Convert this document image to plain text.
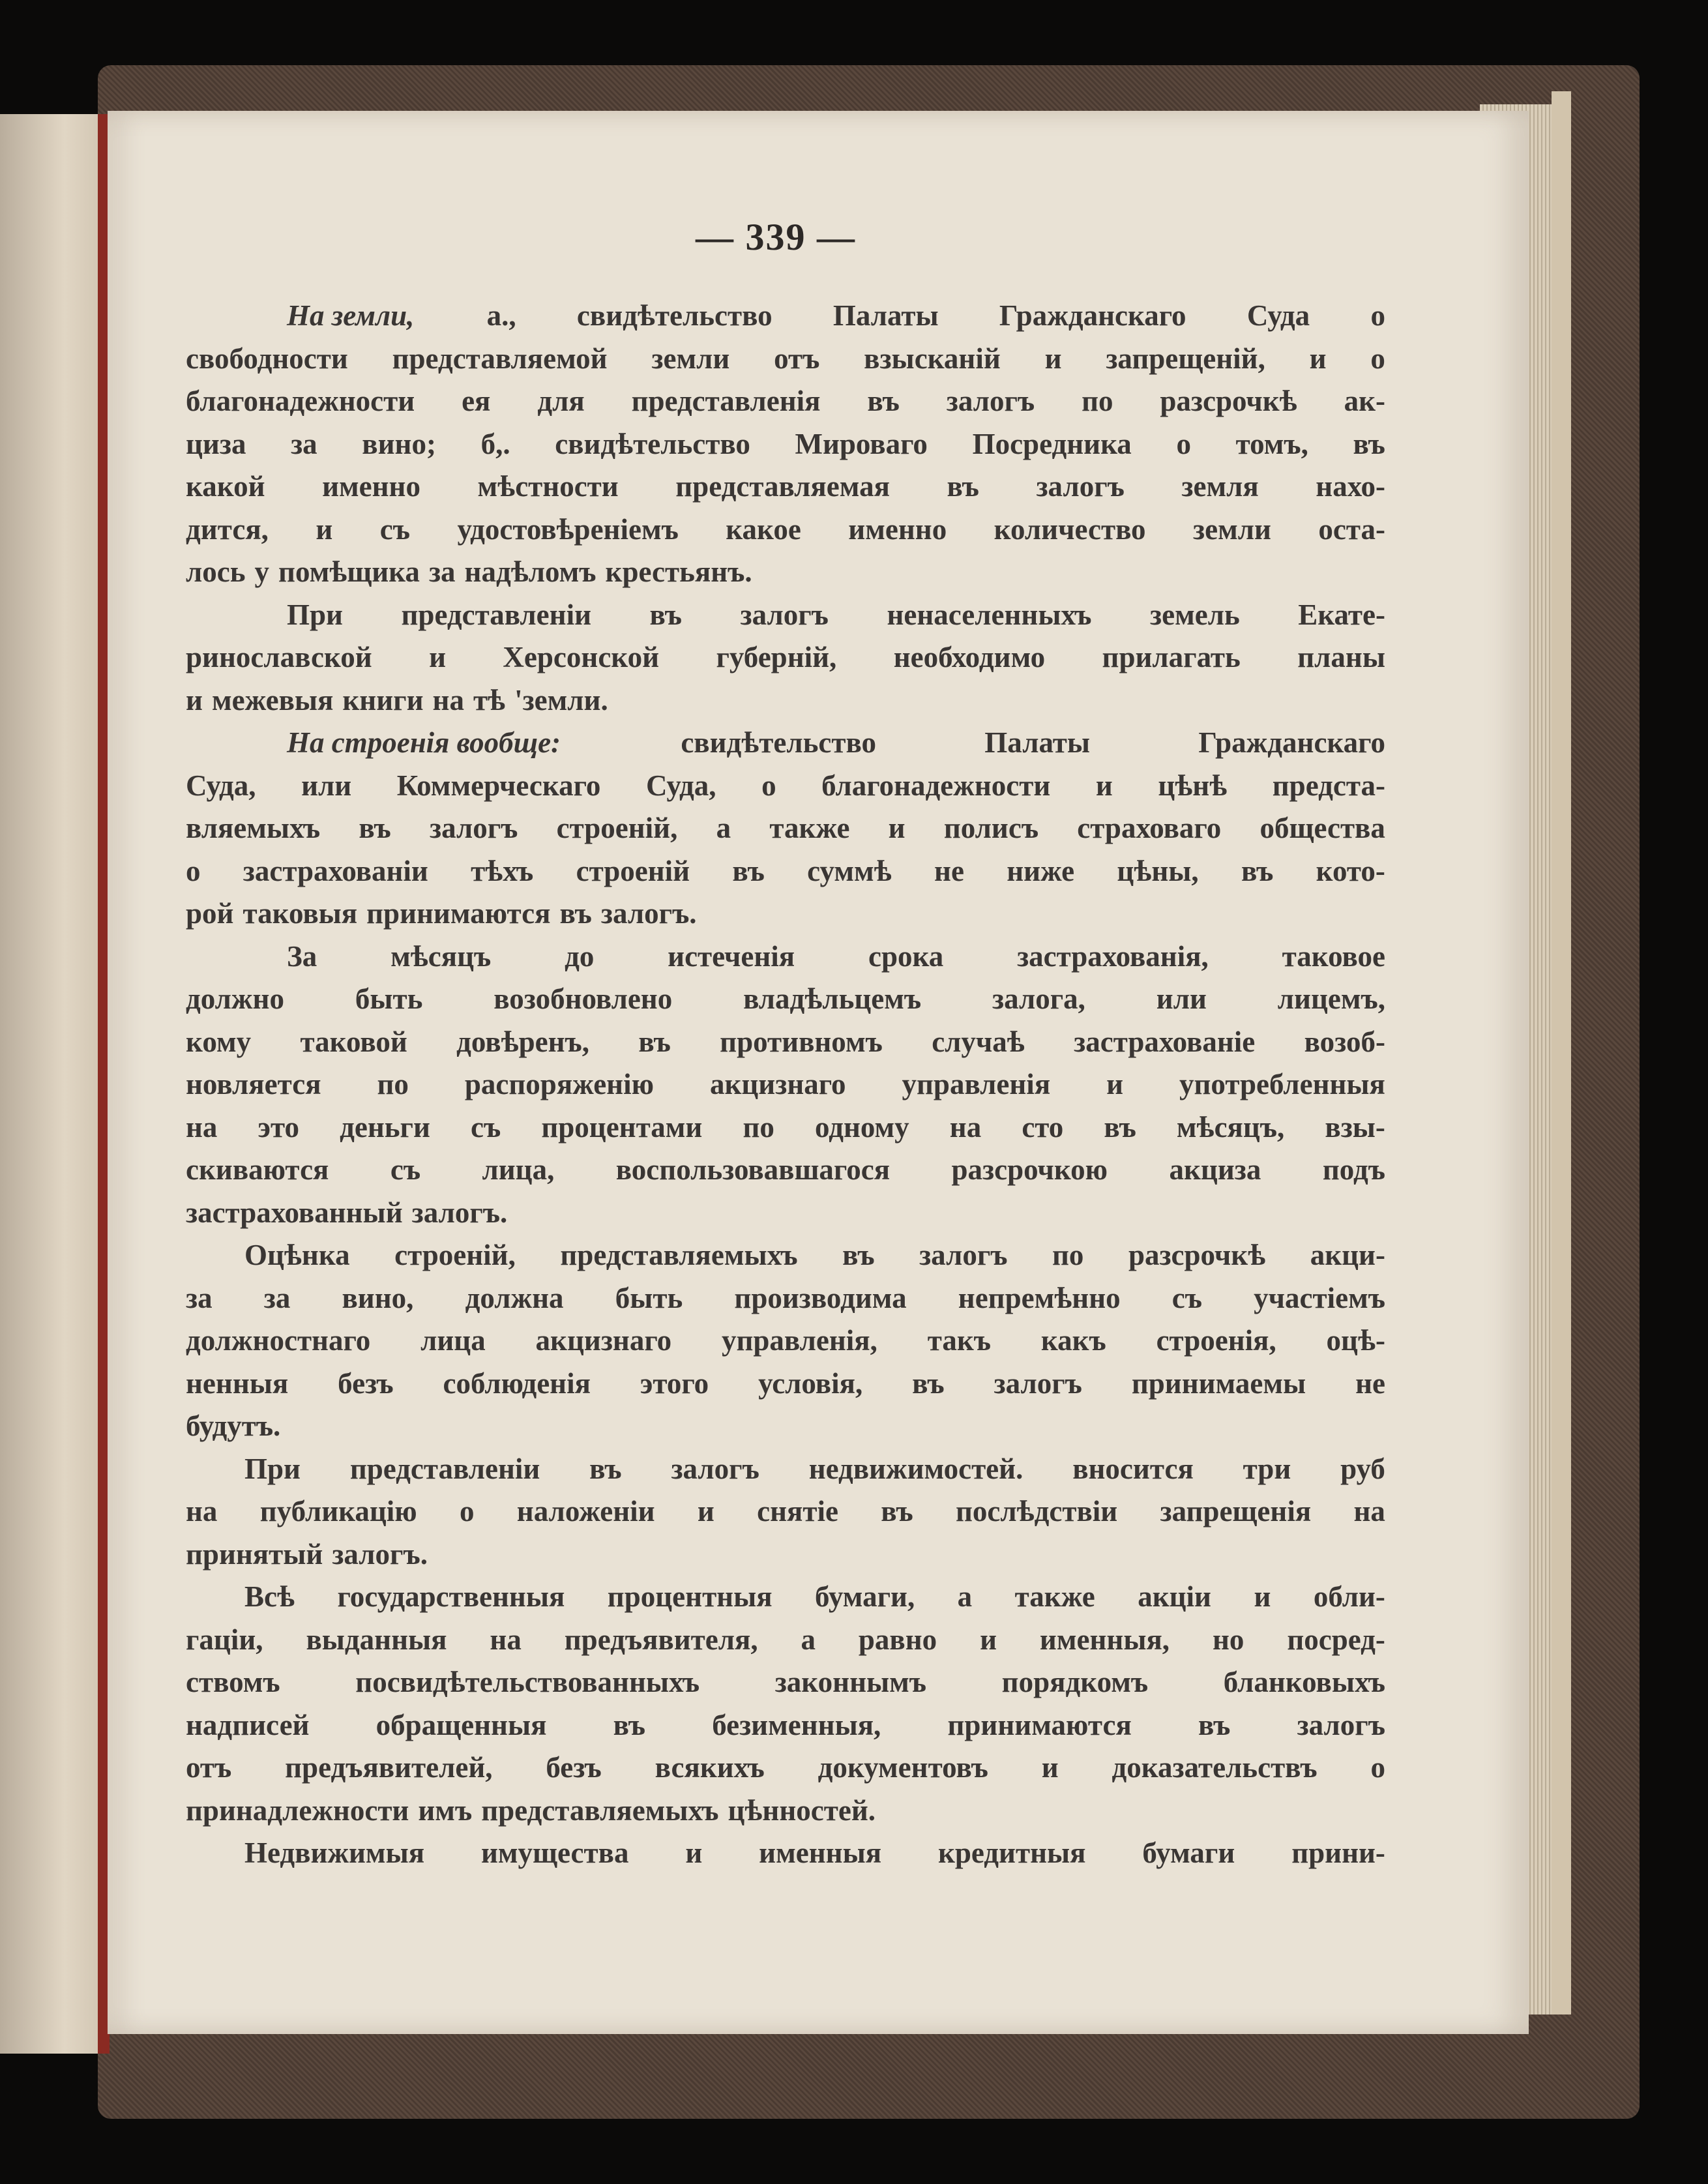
— 339 —
На земли, а., свидѣтельство Палаты Гражданскаго Суда о
свободности представляемой земли отъ взысканій и запрещеній, и о
благонадежности ея для представленія въ залогъ по разсрочкѣ ак-
циза за вино; б,. свидѣтельство Мироваго Посредника о томъ, въ
какой именно мѣстности представляемая въ залогъ земля нахо-
дится, и съ удостовѣреніемъ какое именно количество земли оста-
лось у помѣщика за надѣломъ крестьянъ.
При представленіи въ залогъ ненаселенныхъ земель Екате-
ринославской и Херсонской губерній, необходимо прилагать планы
и межевыя книги на тѣ 'земли.
На строенія вообще:	свидѣтельство	Палаты	Гражданскаго
Суда, или Коммерческаго Суда, о благонадежности и цѣнѣ предста-
вляемыхъ въ залогъ строеній, а также и полисъ страховаго общества
о застрахованіи тѣхъ строеній въ суммѣ не ниже цѣны, въ кото-
рой таковыя принимаются въ залогъ.
За	мѣсяцъ	до	истеченія	срока	застрахованія,	таковое
должно быть возобновлено владѣльцемъ залога, или лицемъ,
кому таковой довѣренъ, въ противномъ случаѣ застрахованіе возоб-
новляется по распоряженію акцизнаго управленія и употребленныя
на это деньги съ процентами по одному на сто въ мѣсяцъ, взы-
скиваются съ лица, воспользовавшагося разсрочкою акциза подъ
застрахованный залогъ.
Оцѣнка строеній, представляемыхъ въ залогъ по разсрочкѣ акци-
за за вино, должна быть производима непремѣнно съ участіемъ
должностнаго лица акцизнаго управленія, такъ какъ строенія, оцѣ-
ненныя безъ соблюденія этого условія, въ залогъ принимаемы не
будутъ.
При представленіи въ залогъ недвижимостей. вносится три руб
на публикацію о наложеніи и снятіе въ послѣдствіи запрещенія на
принятый залогъ.
Всѣ государственныя процентныя бумаги, а также акціи и обли-
гаціи, выданныя на предъявителя, а равно и именныя, но посред-
ствомъ	посвидѣтельствованныхъ	законнымъ	порядкомъ	бланковыхъ
надписей обращенныя въ безименныя, принимаются въ залогъ
отъ предъявителей, безъ всякихъ документовъ и доказательствъ о
принадлежности имъ представляемыхъ цѣнностей.
Недвижимыя имущества и именныя кредитныя бумаги прини-
